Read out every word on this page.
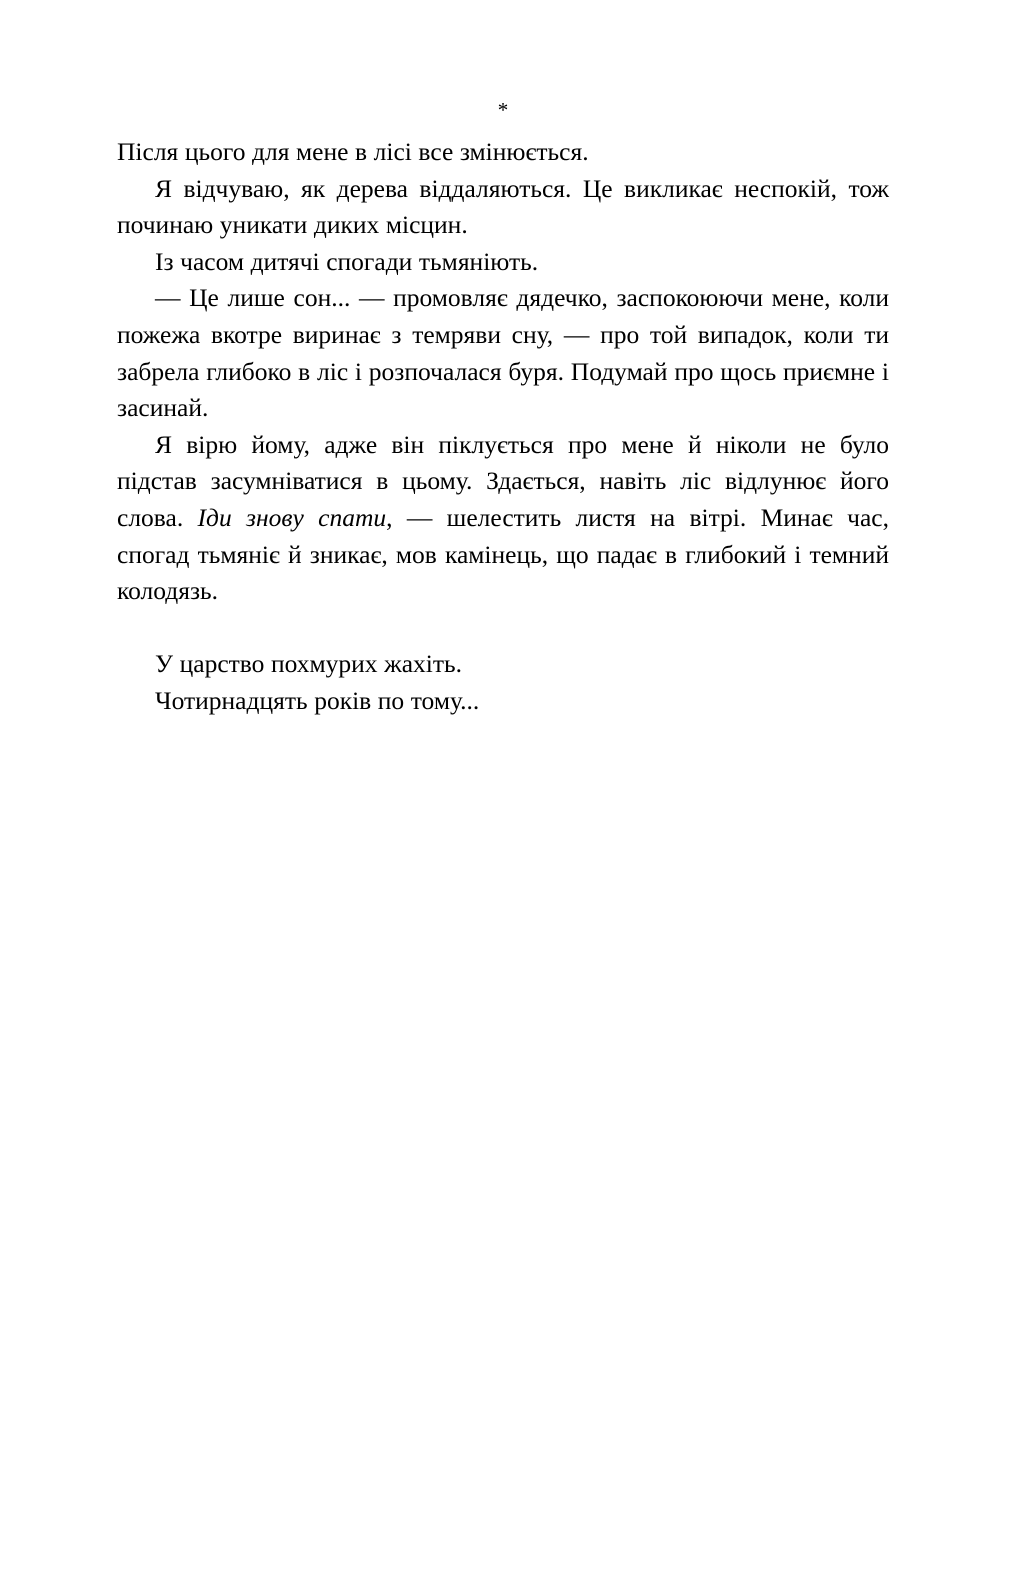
*

Після цього для мене в лісі все змінюється.

Я відчуваю, як дерева віддаляються. Це викликає неспокій, тож починаю уникати диких місцин.

Із часом дитячі спогади тьмяніють.

— Це лише сон... — промовляє дядечко, заспокоюючи мене, коли пожежа вкотре виринає з темряви сну, — про той випадок, коли ти забрела глибоко в ліс і розпочалася буря. Подумай про щось приємне і засинай.

Я вірю йому, адже він піклується про мене й ніколи не було підстав засумніватися в цьому. Здається, навіть ліс відлунює його слова. Іди знову спати, — шелестить листя на вітрі. Минає час, спогад тьмяніє й зникає, мов камінець, що падає в глибокий і темний колодязь.

У царство похмурих жахіть.

Чотирнадцять років по тому...
